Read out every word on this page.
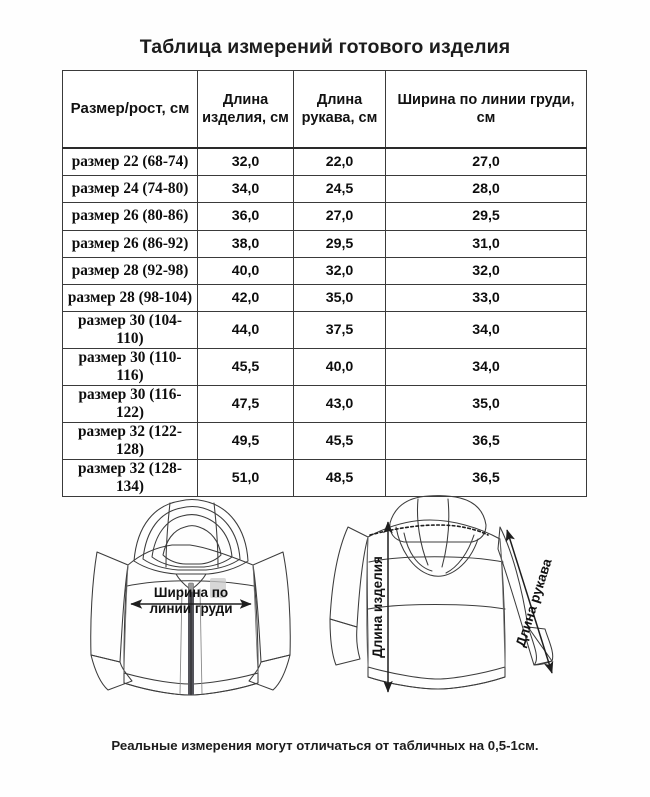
Таблица измерений готового изделия
Размер/рост, см	Длина изделия, см	Длина рукава, см	Ширина по линии груди, см
размер 22 (68-74)	32,0	22,0	27,0
размер 24 (74-80)	34,0	24,5	28,0
размер 26 (80-86)	36,0	27,0	29,5
размер 26 (86-92)	38,0	29,5	31,0
размер 28 (92-98)	40,0	32,0	32,0
размер 28 (98-104)	42,0	35,0	33,0
размер 30 (104-110)	44,0	37,5	34,0
размер 30 (110-116)	45,5	40,0	34,0
размер 30 (116-122)	47,5	43,0	35,0
размер 32 (122-128)	49,5	45,5	36,5
размер 32 (128-134)	51,0	48,5	36,5
Ширина по
линии груди	Длина изделия	Длина рукава
Реальные измерения могут отличаться от табличных на 0,5-1см.
